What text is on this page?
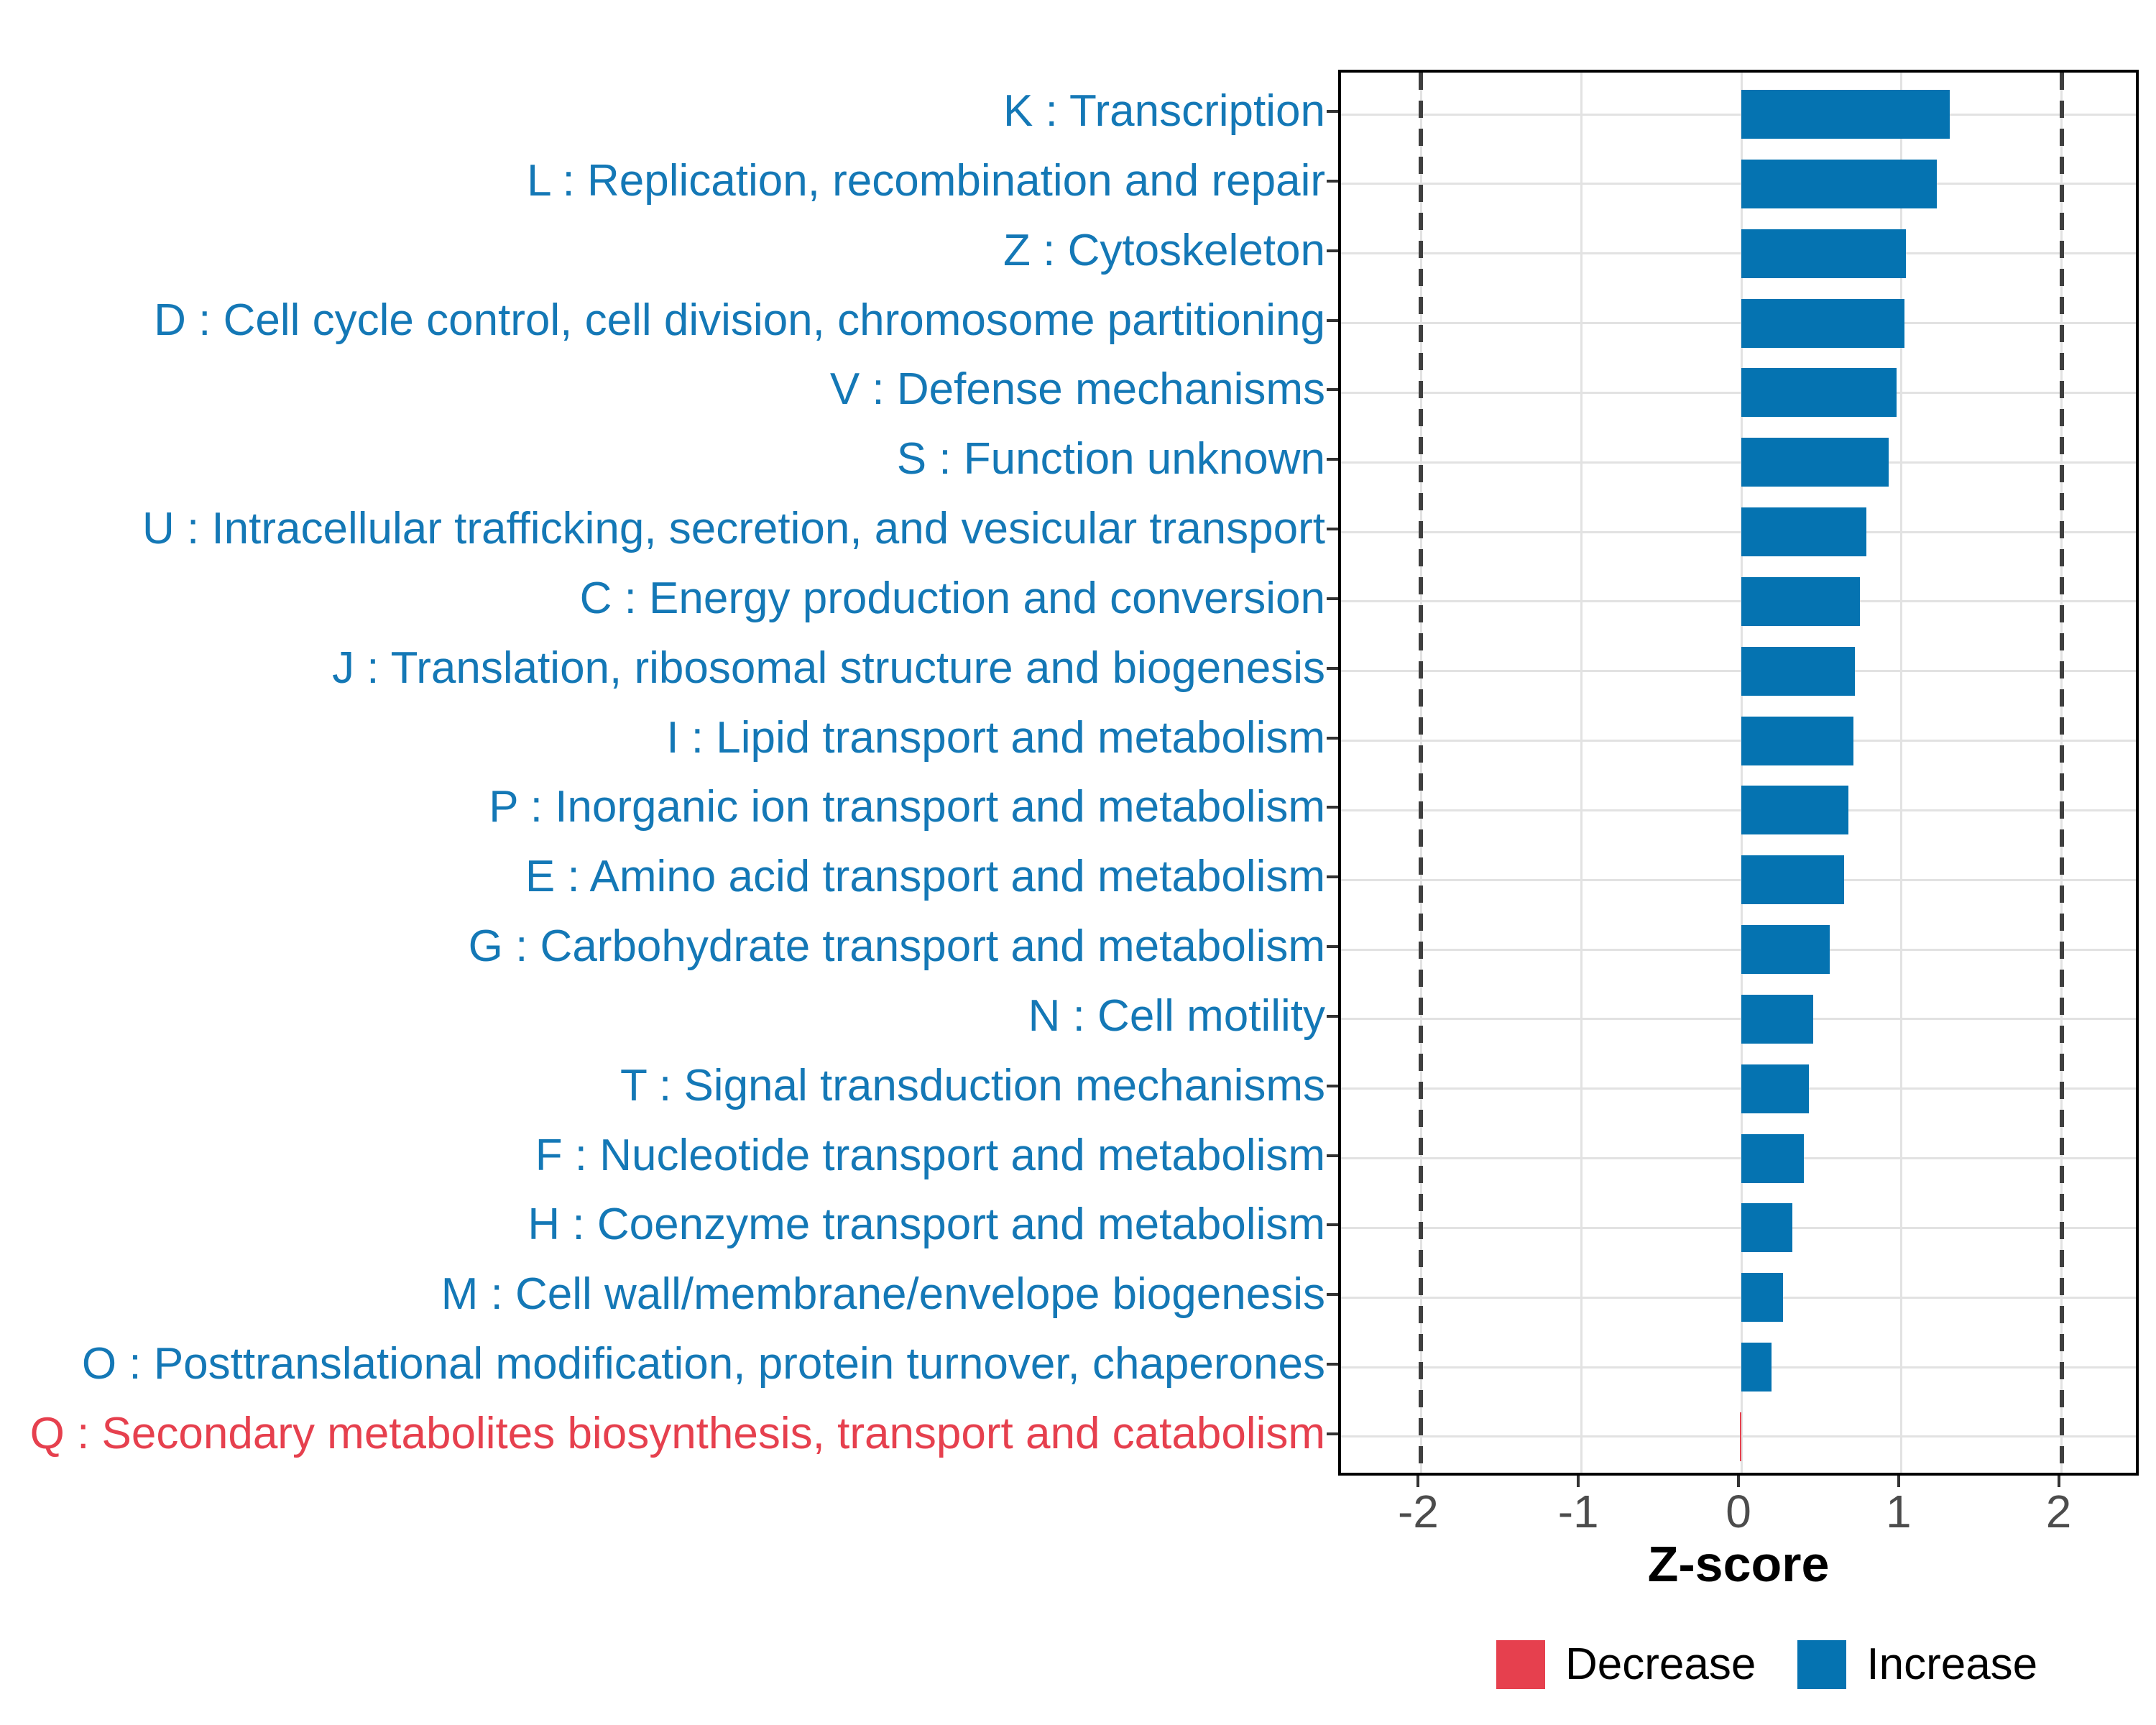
Z-score
Decrease Increase
K : Transcription
L : Replication, recombination and repair
Z : Cytoskeleton
D : Cell cycle control, cell division, chromosome partitioning
V : Defense mechanisms
S : Function unknown
U : Intracellular trafficking, secretion, and vesicular transport
C : Energy production and conversion
J : Translation, ribosomal structure and biogenesis
I : Lipid transport and metabolism
P : Inorganic ion transport and metabolism
E : Amino acid transport and metabolism
G : Carbohydrate transport and metabolism
N : Cell motility
T : Signal transduction mechanisms
F : Nucleotide transport and metabolism
H : Coenzyme transport and metabolism
M : Cell wall/membrane/envelope biogenesis
O : Posttranslational modification, protein turnover, chaperones
Q : Secondary metabolites biosynthesis, transport and catabolism
-2	-1	0	1	2
